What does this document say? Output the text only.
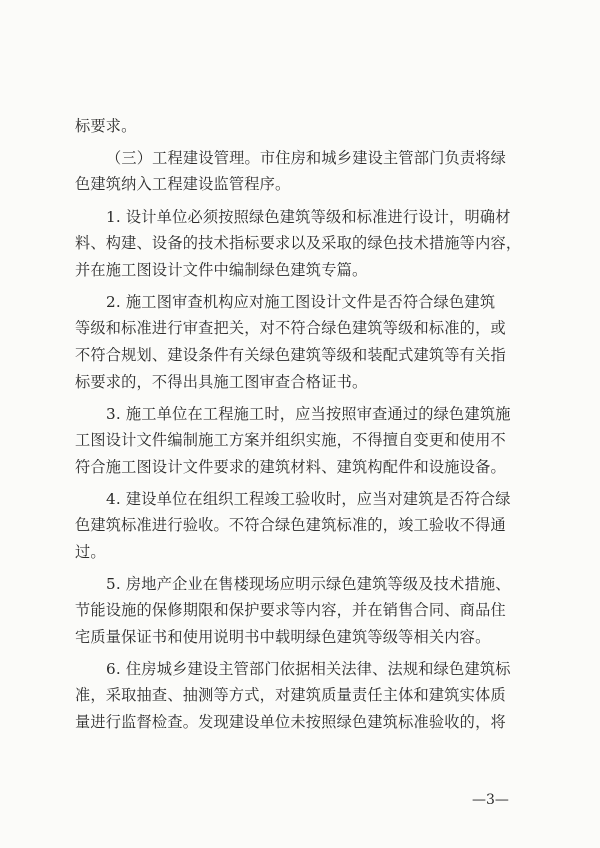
标要求。
（三）工程建设管理。市住房和城乡建设主管部门负责将绿
色建筑纳入工程建设监管程序。
1. 设计单位必须按照绿色建筑等级和标准进行设计，明确材
料、构建、设备的技术指标要求以及采取的绿色技术措施等内容，
并在施工图设计文件中编制绿色建筑专篇。
2. 施工图审查机构应对施工图设计文件是否符合绿色建筑
等级和标准进行审查把关，对不符合绿色建筑等级和标准的，或
不符合规划、建设条件有关绿色建筑等级和装配式建筑等有关指
标要求的，不得出具施工图审查合格证书。
3. 施工单位在工程施工时，应当按照审查通过的绿色建筑施
工图设计文件编制施工方案并组织实施，不得擅自变更和使用不
符合施工图设计文件要求的建筑材料、建筑构配件和设施设备。
4. 建设单位在组织工程竣工验收时，应当对建筑是否符合绿
色建筑标准进行验收。不符合绿色建筑标准的，竣工验收不得通
过。
5. 房地产企业在售楼现场应明示绿色建筑等级及技术措施、
节能设施的保修期限和保护要求等内容，并在销售合同、商品住
宅质量保证书和使用说明书中载明绿色建筑等级等相关内容。
6. 住房城乡建设主管部门依据相关法律、法规和绿色建筑标
准，采取抽查、抽测等方式，对建筑质量责任主体和建筑实体质
量进行监督检查。发现建设单位未按照绿色建筑标准验收的，将
—3—
